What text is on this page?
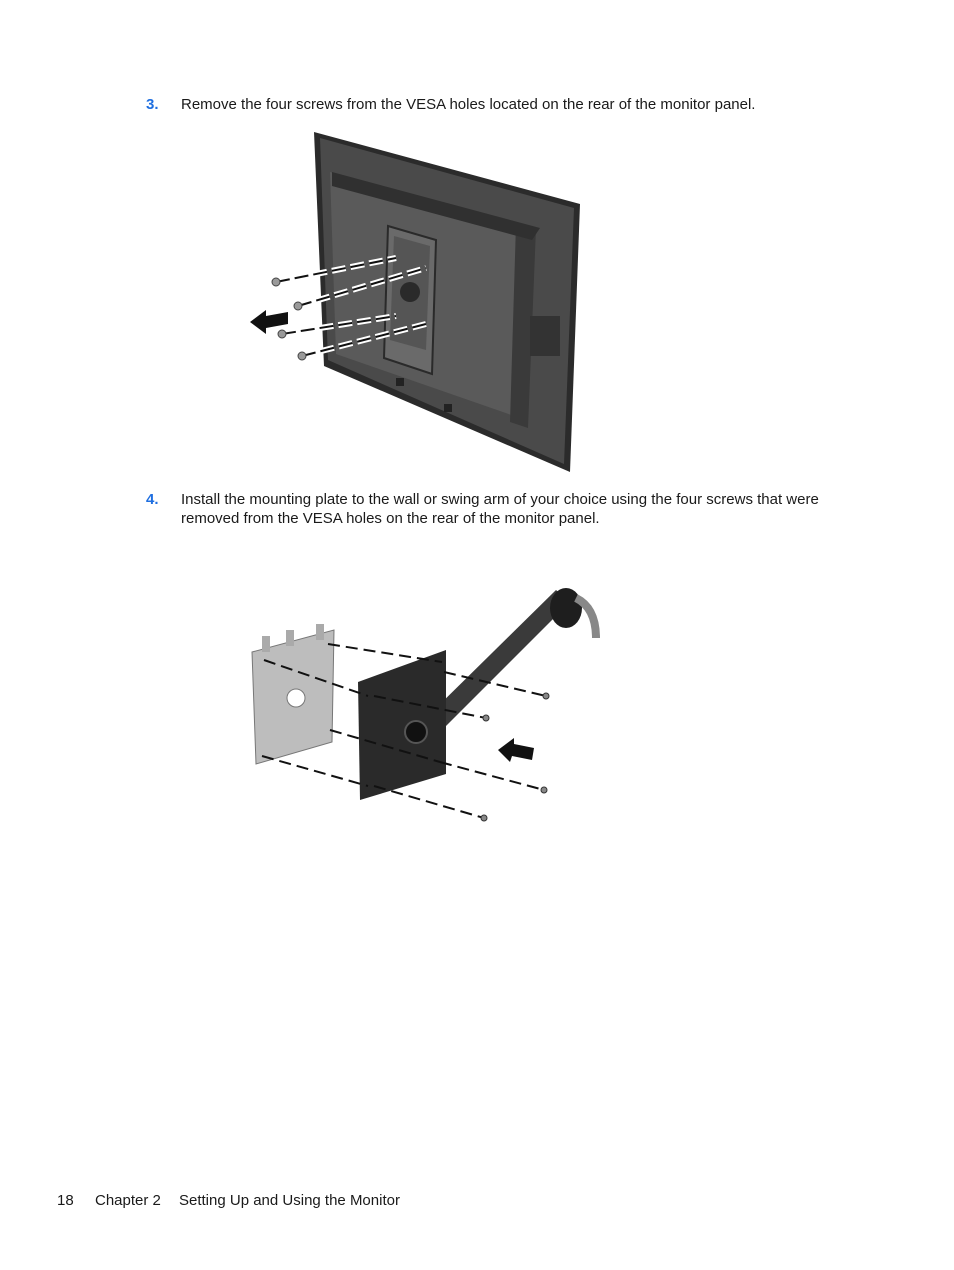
3. Remove the four screws from the VESA holes located on the rear of the monitor panel.
4. Install the mounting plate to the wall or swing arm of your choice using the four screws that were removed from the VESA holes on the rear of the monitor panel.
18 Chapter 2 Setting Up and Using the Monitor
